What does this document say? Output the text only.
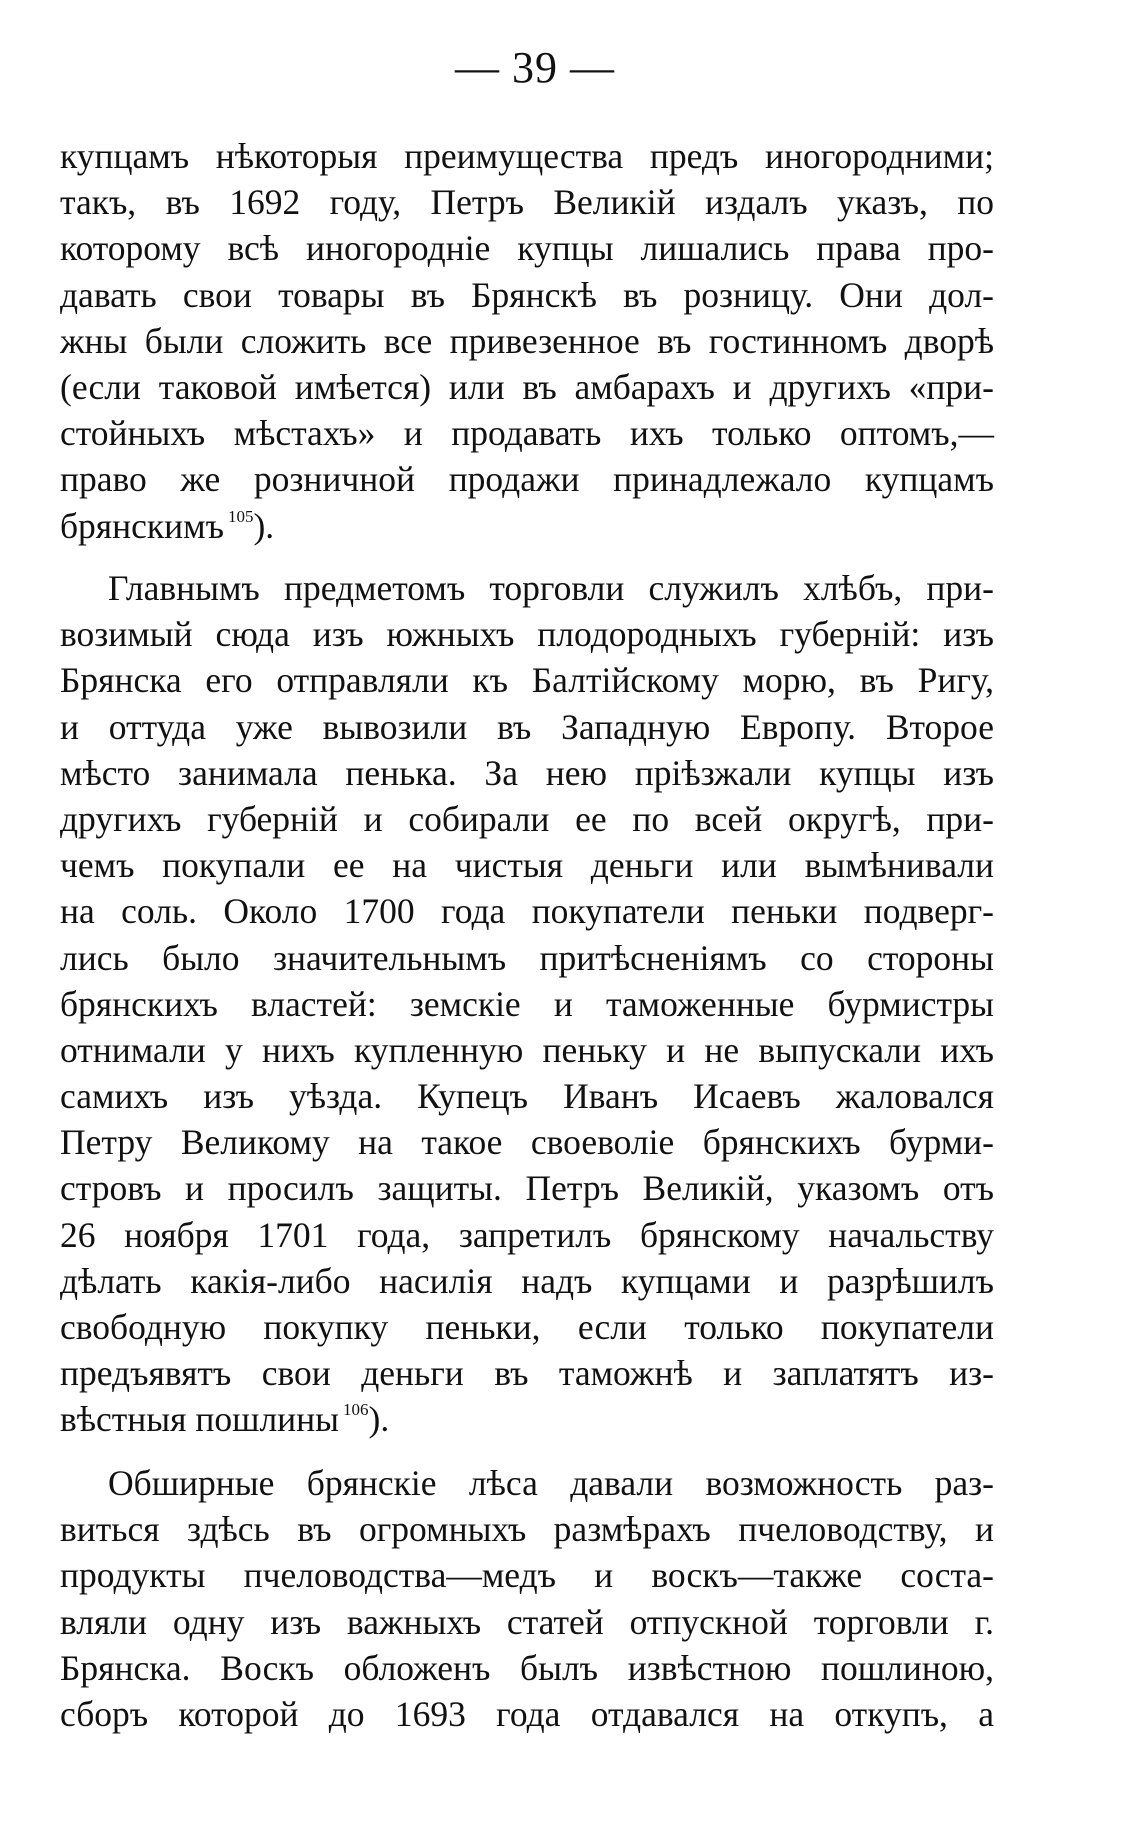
— 39 —
купцамъ нѣкоторыя преимущества предъ иногородними;
такъ, въ 1692 году, Петръ Великій издалъ указъ, по
которому всѣ иногородніе купцы лишались права про-
давать свои товары въ Брянскѣ въ розницу. Они дол-
жны были сложить все привезенное въ гостинномъ дворѣ
(если таковой имѣется) или въ амбарахъ и другихъ «при-
стойныхъ мѣстахъ» и продавать ихъ только оптомъ,—
право же розничной продажи принадлежало купцамъ
брянскимъ $^{105}$).
Главнымъ предметомъ торговли служилъ хлѣбъ, при-
возимый сюда изъ южныхъ плодородныхъ губерній: изъ
Брянска его отправляли къ Балтійскому морю, въ Ригу,
и оттуда уже вывозили въ Западную Европу. Второе
мѣсто занимала пенька. За нею пріѣзжали купцы изъ
другихъ губерній и собирали ее по всей округѣ, при-
чемъ покупали ее на чистыя деньги или вымѣнивали
на соль. Около 1700 года покупатели пеньки подверг-
лись было значительнымъ притѣсненіямъ со стороны
брянскихъ властей: земскіе и таможенные бурмистры
отнимали у нихъ купленную пеньку и не выпускали ихъ
самихъ изъ уѣзда. Купецъ Иванъ Исаевъ жаловался
Петру Великому на такое своеволіе брянскихъ бурми-
стровъ и просилъ защиты. Петръ Великій, указомъ отъ
26 ноября 1701 года, запретилъ брянскому начальству
дѣлать какія-либо насилія надъ купцами и разрѣшилъ
свободную покупку пеньки, если только покупатели
предъявятъ свои деньги въ таможнѣ и заплатятъ из-
вѣстныя пошлины $^{106}$).
Обширные брянскіе лѣса давали возможность раз-
виться здѣсь въ огромныхъ размѣрахъ пчеловодству, и
продукты пчеловодства—медъ и воскъ—также соста-
вляли одну изъ важныхъ статей отпускной торговли г.
Брянска. Воскъ обложенъ былъ извѣстною пошлиною,
сборъ которой до 1693 года отдавался на откупъ, а
